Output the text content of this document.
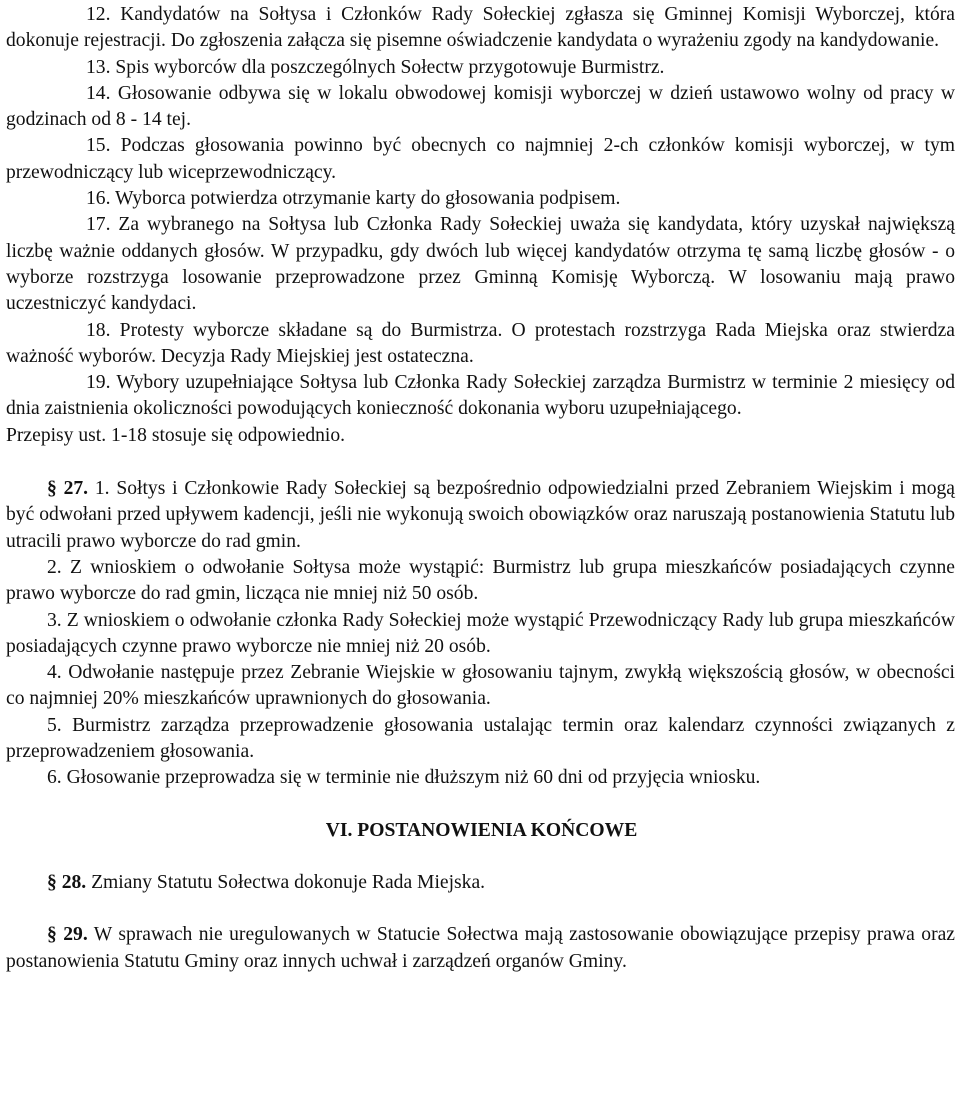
12. Kandydatów na Sołtysa i Członków Rady Sołeckiej zgłasza się Gminnej Komisji Wyborczej, która dokonuje rejestracji. Do zgłoszenia załącza się pisemne oświadczenie kandydata o wyrażeniu zgody na kandydowanie.

13. Spis wyborców dla poszczególnych Sołectw przygotowuje Burmistrz.

14. Głosowanie odbywa się w lokalu obwodowej komisji wyborczej w dzień ustawowo wolny od pracy w godzinach od 8 - 14 tej.

15. Podczas głosowania powinno być obecnych co najmniej 2-ch członków komisji wyborczej, w tym przewodniczący lub wiceprzewodniczący.

16. Wyborca potwierdza otrzymanie karty do głosowania podpisem.

17. Za wybranego na Sołtysa lub Członka Rady Sołeckiej uważa się kandydata, który uzyskał największą liczbę ważnie oddanych głosów. W przypadku, gdy dwóch lub więcej kandydatów otrzyma tę samą liczbę głosów - o wyborze rozstrzyga losowanie przeprowadzone przez Gminną Komisję Wyborczą. W losowaniu mają prawo uczestniczyć kandydaci.

18. Protesty wyborcze składane są do Burmistrza. O protestach rozstrzyga Rada Miejska oraz stwierdza ważność wyborów. Decyzja Rady Miejskiej jest ostateczna.

19. Wybory uzupełniające Sołtysa lub Członka Rady Sołeckiej zarządza Burmistrz w terminie 2 miesięcy od dnia zaistnienia okoliczności powodujących konieczność dokonania wyboru uzupełniającego.

Przepisy ust. 1-18 stosuje się odpowiednio.

§ 27. 1. Sołtys i Członkowie Rady Sołeckiej są bezpośrednio odpowiedzialni przed Zebraniem Wiejskim i mogą być odwołani przed upływem kadencji, jeśli nie wykonują swoich obowiązków oraz naruszają postanowienia Statutu lub utracili prawo wyborcze do rad gmin.

2. Z wnioskiem o odwołanie Sołtysa może wystąpić: Burmistrz lub grupa mieszkańców posiadających czynne prawo wyborcze do rad gmin, licząca nie mniej niż 50 osób.

3. Z wnioskiem o odwołanie członka Rady Sołeckiej może wystąpić Przewodniczący Rady lub grupa mieszkańców posiadających czynne prawo wyborcze nie mniej niż 20 osób.

4. Odwołanie następuje przez Zebranie Wiejskie w głosowaniu tajnym, zwykłą większością głosów, w obecności co najmniej 20% mieszkańców uprawnionych do głosowania.

5. Burmistrz zarządza przeprowadzenie głosowania ustalając termin oraz kalendarz czynności związanych z przeprowadzeniem głosowania.

6. Głosowanie przeprowadza się w terminie nie dłuższym niż 60 dni od przyjęcia wniosku.

VI. POSTANOWIENIA KOŃCOWE

§ 28. Zmiany Statutu Sołectwa dokonuje Rada Miejska.

§ 29. W sprawach nie uregulowanych w Statucie Sołectwa mają zastosowanie obowiązujące przepisy prawa oraz postanowienia Statutu Gminy oraz innych uchwał i zarządzeń organów Gminy.
